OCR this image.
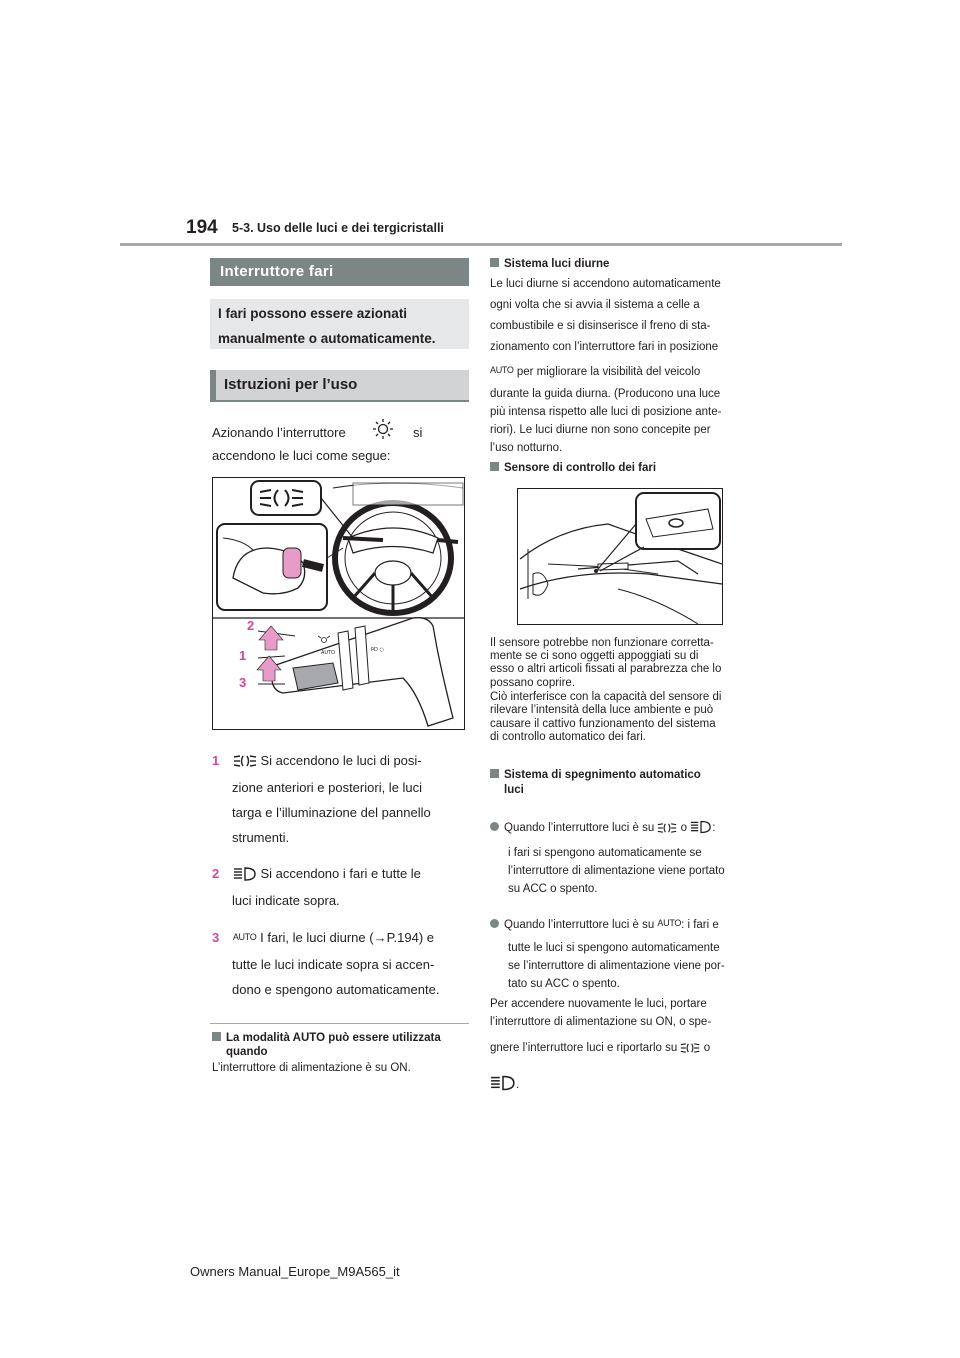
194 5-3. Uso delle luci e dei tergicristalli
Interruttore fari
I fari possono essere azionati manualmente o automaticamente.
Istruzioni per l’uso
Azionando l’interruttore	si
accendono le luci come segue:
AUTO	ÞD ○
2
1
3
1	Si accendono le luci di posi-
zione anteriori e posteriori, le luci
targa e l’illuminazione del pannello
strumenti.
2	Si accendono i fari e tutte le
luci indicate sopra.
3 AUTO I fari, le luci diurne (→P.194) e
tutte le luci indicate sopra si accen-
dono e spengono automaticamente.
La modalità AUTO può essere utilizzata
quando
L’interruttore di alimentazione è su ON.
Sistema luci diurne
Le luci diurne si accendono automaticamente
ogni volta che si avvia il sistema a celle a
combustibile e si disinserisce il freno di sta-
zionamento con l’interruttore fari in posizione
AUTO per migliorare la visibilità del veicolo
durante la guida diurna. (Producono una luce
più intensa rispetto alle luci di posizione ante-
riori). Le luci diurne non sono concepite per
l’uso notturno.
Sensore di controllo dei fari
Il sensore potrebbe non funzionare corretta-
mente se ci sono oggetti appoggiati su di
esso o altri articoli fissati al parabrezza che lo
possano coprire.
Ciò interferisce con la capacità del sensore di
rilevare l’intensità della luce ambiente e può
causare il cattivo funzionamento del sistema
di controllo automatico dei fari.
Sistema di spegnimento automatico
luci
Quando l’interruttore luci è su o :
i fari si spengono automaticamente se
l’interruttore di alimentazione viene portato
su ACC o spento.
Quando l’interruttore luci è su AUTO: i fari e
tutte le luci si spengono automaticamente
se l’interruttore di alimentazione viene por-
tato su ACC o spento.
Per accendere nuovamente le luci, portare
l’interruttore di alimentazione su ON, o spe-
gnere l’interruttore luci e riportarlo su o
.
Owners Manual_Europe_M9A565_it
